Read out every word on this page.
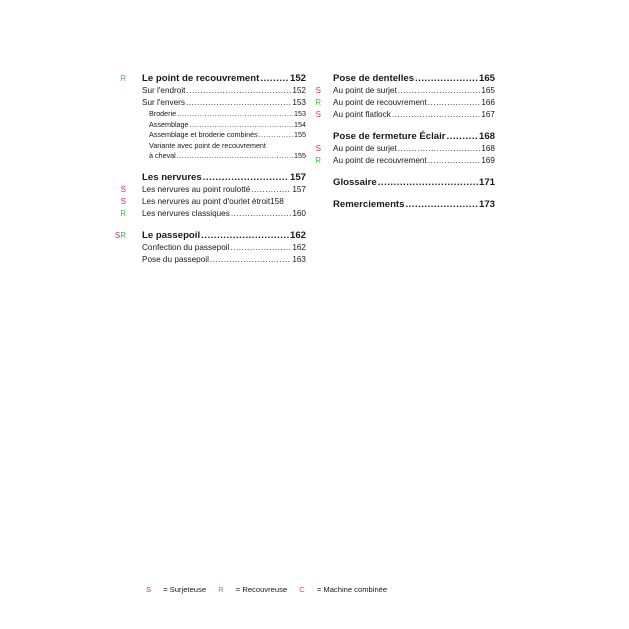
R Le point de recouvrement .....	152
Sur l'endroit .....	152
Sur l'envers .....	153
Broderie .....	153
Assemblage .....	154
Assemblage et broderie combinés .....	155
Variante avec point de recouvrement
à cheval .....	155
Les nervures .....	157
S Les nervures au point roulotté .....	157
S Les nervures au point d'ourlet étroit 158
R Les nervures classiques .....	160
SR Le passepoil .....	162
Confection du passepoil .....	162
Pose du passepoil .....	163
Pose de dentelles .....	165
S Au point de surjet .....	165
R Au point de recouvrement .....	166
S Au point flatlock .....	167
Pose de fermeture Éclair .....	168
S Au point de surjet .....	168
R Au point de recouvrement .....	169
Glossaire .....	171
Remerciements .....	173
S = Surjeteuse R = Recouvreuse C = Machine combinée
